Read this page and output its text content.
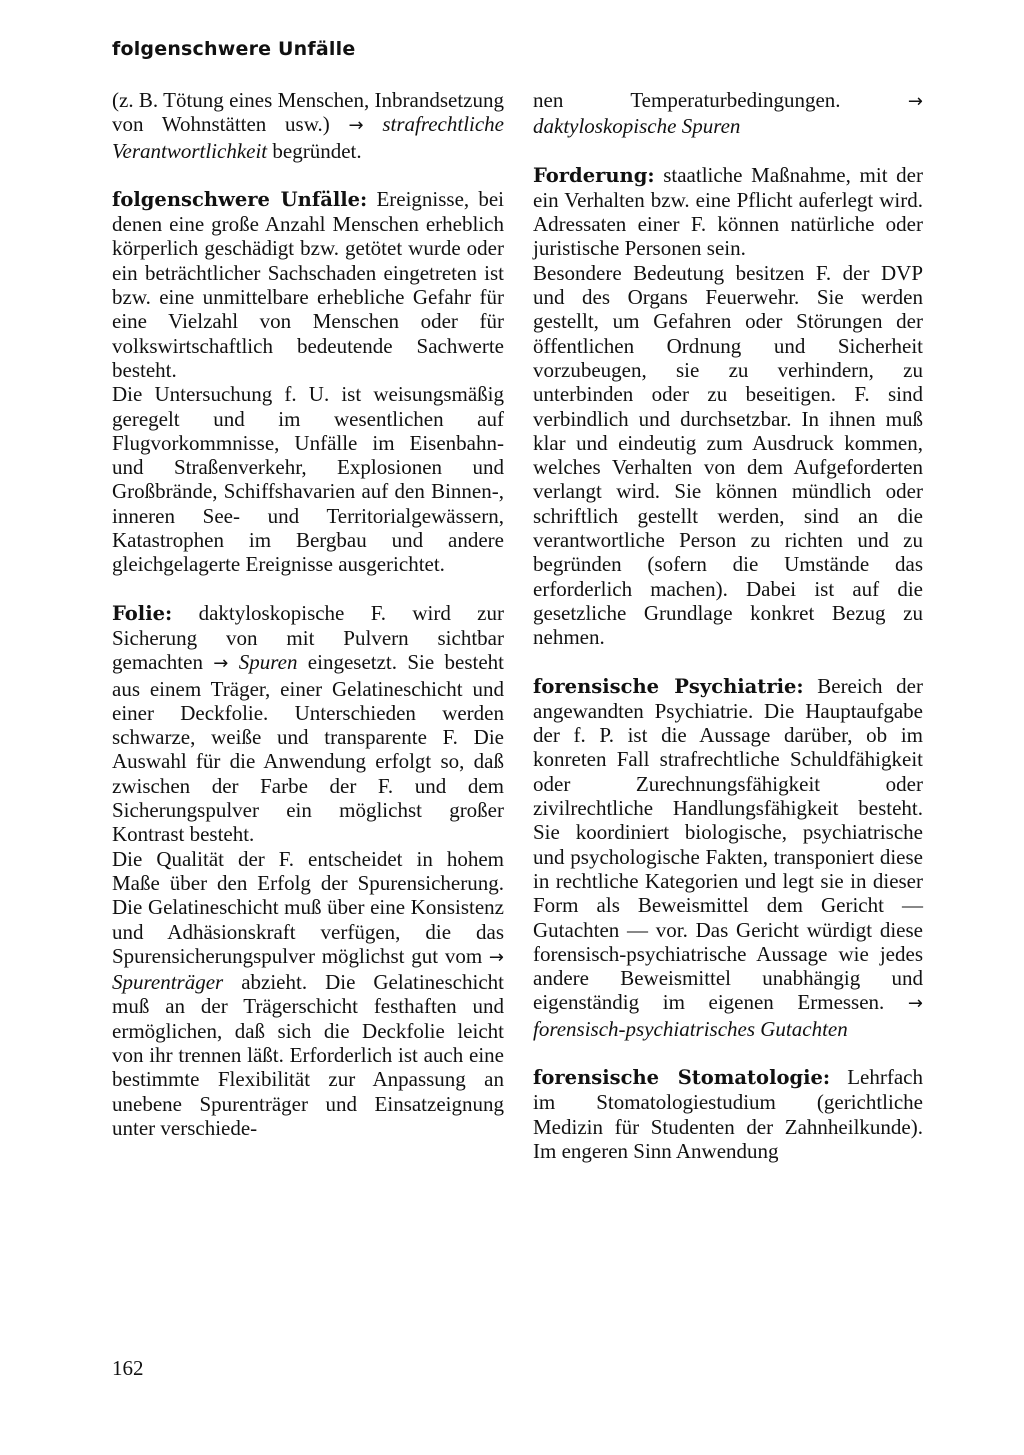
folgenschwere Unfälle

(z. B. Tötung eines Menschen, Inbrandsetzung von Wohnstätten usw.) → strafrechtliche Verantwortlichkeit begründet.

folgenschwere Unfälle: Ereignisse, bei denen eine große Anzahl Menschen erheblich körperlich geschädigt bzw. getötet wurde oder ein beträchtlicher Sachschaden eingetreten ist bzw. eine unmittelbare erhebliche Gefahr für eine Vielzahl von Menschen oder für volkswirtschaftlich bedeutende Sachwerte besteht.

Die Untersuchung f. U. ist weisungsmäßig geregelt und im wesentlichen auf Flugvorkommnisse, Unfälle im Eisenbahn- und Straßenverkehr, Explosionen und Großbrände, Schiffshavarien auf den Binnen-, inneren See- und Territorialgewässern, Katastrophen im Bergbau und andere gleichgelagerte Ereignisse ausgerichtet.

Folie: daktyloskopische F. wird zur Sicherung von mit Pulvern sichtbar gemachten → Spuren eingesetzt. Sie besteht aus einem Träger, einer Gelatineschicht und einer Deckfolie. Unterschieden werden schwarze, weiße und transparente F. Die Auswahl für die Anwendung erfolgt so, daß zwischen der Farbe der F. und dem Sicherungspulver ein möglichst großer Kontrast besteht.

Die Qualität der F. entscheidet in hohem Maße über den Erfolg der Spurensicherung. Die Gelatineschicht muß über eine Konsistenz und Adhäsionskraft verfügen, die das Spurensicherungspulver möglichst gut vom → Spurenträger abzieht. Die Gelatineschicht muß an der Trägerschicht festhaften und ermöglichen, daß sich die Deckfolie leicht von ihr trennen läßt. Erforderlich ist auch eine bestimmte Flexibilität zur Anpassung an unebene Spurenträger und Einsatzeignung unter verschiede-

nen Temperaturbedingungen. → daktyloskopische Spuren

Forderung: staatliche Maßnahme, mit der ein Verhalten bzw. eine Pflicht auferlegt wird. Adressaten einer F. können natürliche oder juristische Personen sein.

Besondere Bedeutung besitzen F. der DVP und des Organs Feuerwehr. Sie werden gestellt, um Gefahren oder Störungen der öffentlichen Ordnung und Sicherheit vorzubeugen, sie zu verhindern, zu unterbinden oder zu beseitigen. F. sind verbindlich und durchsetzbar. In ihnen muß klar und eindeutig zum Ausdruck kommen, welches Verhalten von dem Aufgeforderten verlangt wird. Sie können mündlich oder schriftlich gestellt werden, sind an die verantwortliche Person zu richten und zu begründen (sofern die Umstände das erforderlich machen). Dabei ist auf die gesetzliche Grundlage konkret Bezug zu nehmen.

forensische Psychiatrie: Bereich der angewandten Psychiatrie. Die Hauptaufgabe der f. P. ist die Aussage darüber, ob im konreten Fall strafrechtliche Schuldfähigkeit oder Zurechnungsfähigkeit oder zivilrechtliche Handlungsfähigkeit besteht. Sie koordiniert biologische, psychiatrische und psychologische Fakten, transponiert diese in rechtliche Kategorien und legt sie in dieser Form als Beweismittel dem Gericht — Gutachten — vor. Das Gericht würdigt diese forensisch-psychiatrische Aussage wie jedes andere Beweismittel unabhängig und eigenständig im eigenen Ermessen. → forensisch-psychiatrisches Gutachten

forensische Stomatologie: Lehrfach im Stomatologiestudium (gerichtliche Medizin für Studenten der Zahnheilkunde). Im engeren Sinn Anwendung

162
